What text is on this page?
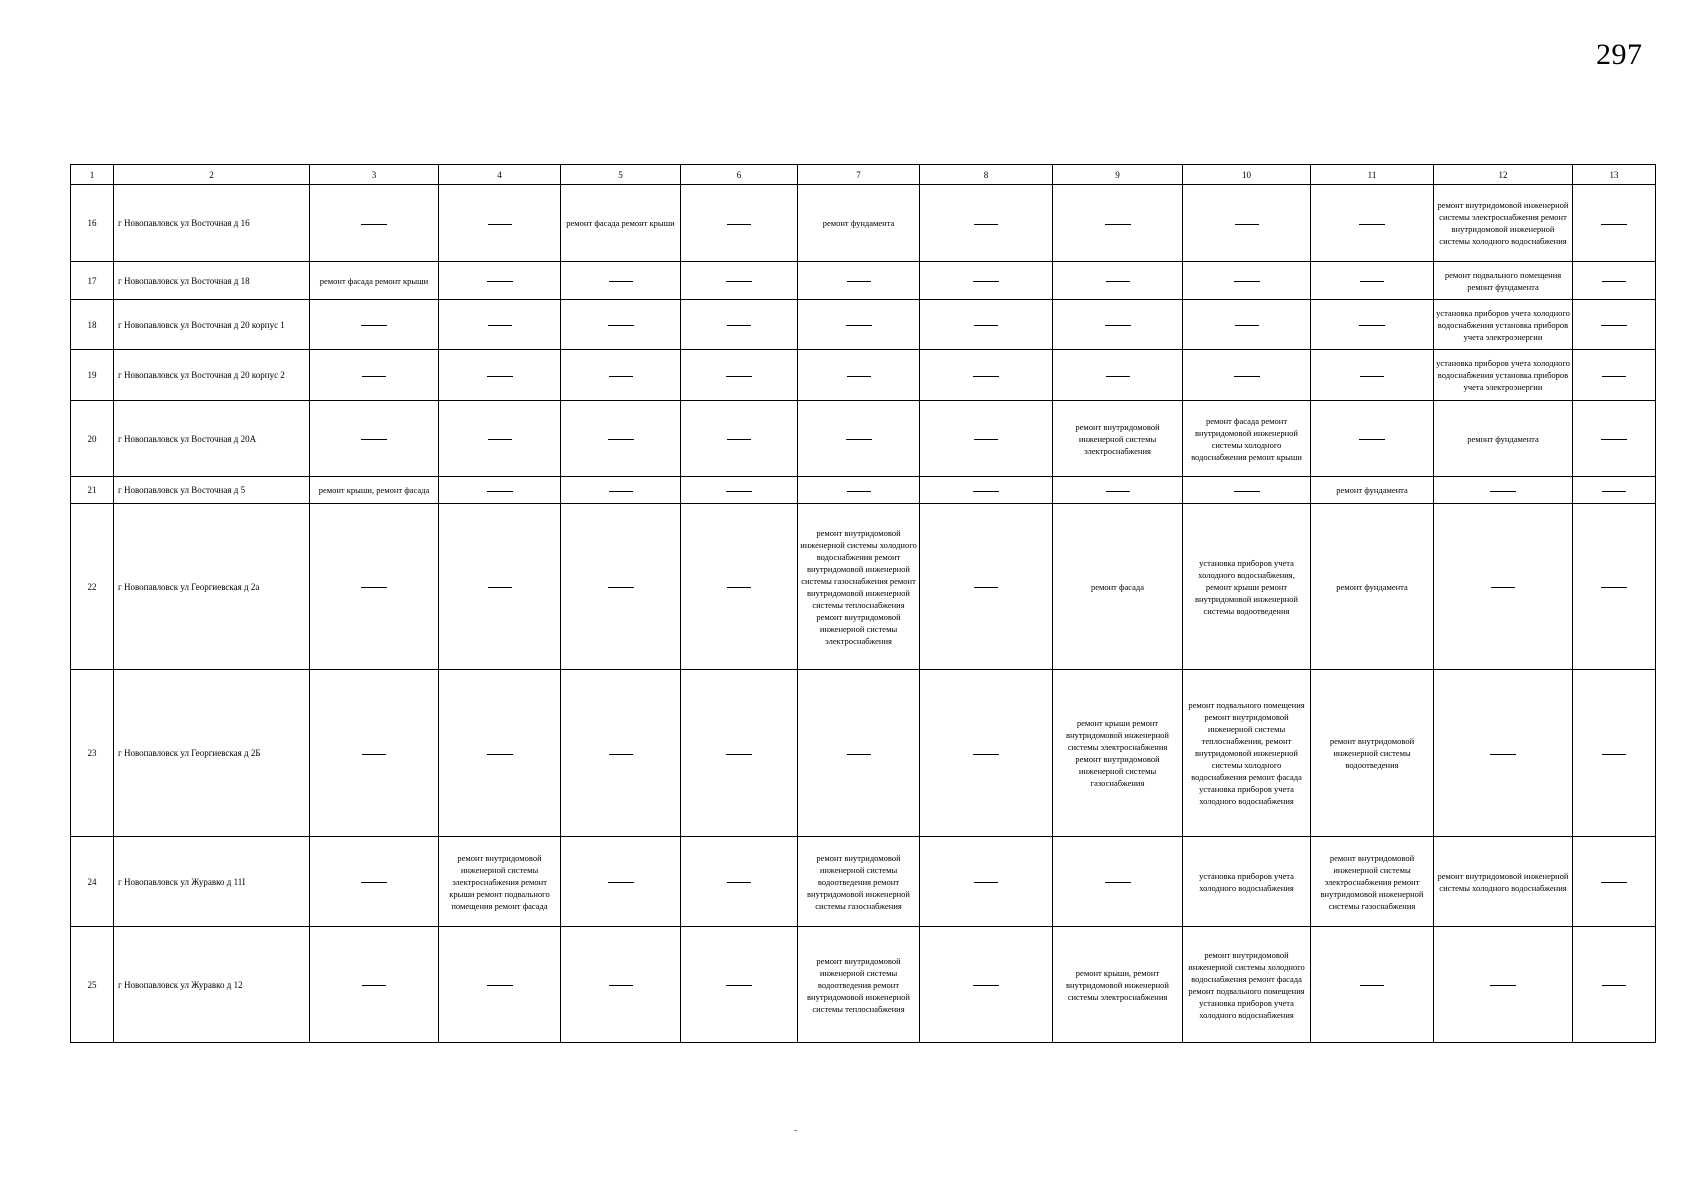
297
1	2	3	4	5	6	7	8	9	10	11	12	13
16	г Новопавловск ул Восточная д 16			ремонт фасада ремонт крыши		ремонт фундамента					ремонт внутридомовой инженерной системы электроснабжения ремонт внутридомовой инженерной системы холодного водоснабжения	
17	г Новопавловск ул Восточная д 18	ремонт фасада ремонт крыши									ремонт подвального помещения ремонт фундамента	
18	г Новопавловск ул Восточная д 20 корпус 1										установка приборов учета холодного водоснабжения установка приборов учета электроэнергии	
19	г Новопавловск ул Восточная д 20 корпус 2										установка приборов учета холодного водоснабжения установка приборов учета электроэнергии	
20	г Новопавловск ул Восточная д 20А							ремонт внутридомовой инженерной системы электроснабжения	ремонт фасада ремонт внутридомовой инженерной системы холодного водоснабжения ремонт крыши		ремонт фундамента	
21	г Новопавловск ул Восточная д 5	ремонт крыши, ремонт фасада								ремонт фундамента		
22	г Новопавловск ул Георгиевская д 2а					ремонт внутридомовой инженерной системы холодного водоснабжения ремонт внутридомовой инженерной системы газоснабжения ремонт внутридомовой инженерной системы теплоснабжения ремонт внутридомовой инженерной системы электроснабжения		ремонт фасада	установка приборов учета холодного водоснабжения, ремонт крыши ремонт внутридомовой инженерной системы водоотведения	ремонт фундамента		
23	г Новопавловск ул Георгиевская д 2Б							ремонт крыши ремонт внутридомовой инженерной системы электроснабжения ремонт внутридомовой инженерной системы газоснабжения	ремонт подвального помещения ремонт внутридомовой инженерной системы теплоснабжения, ремонт внутридомовой инженерной системы холодного водоснабжения ремонт фасада установка приборов учета холодного водоснабжения	ремонт внутридомовой инженерной системы водоотведения		
24	г Новопавловск ул Журавко д 11I		ремонт внутридомовой инженерной системы электроснабжения ремонт крыши ремонт подвального помещения ремонт фасада			ремонт внутридомовой инженерной системы водоотведения ремонт внутридомовой инженерной системы газоснабжения			установка приборов учета холодного водоснабжения	ремонт внутридомовой инженерной системы электроснабжения ремонт внутридомовой инженерной системы газоснабжения	ремонт внутридомовой инженерной системы холодного водоснабжения	
25	г Новопавловск ул Журавко д 12					ремонт внутридомовой инженерной системы водоотведения ремонт внутридомовой инженерной системы теплоснабжения		ремонт крыши, ремонт внутридомовой инженерной системы электроснабжения	ремонт внутридомовой инженерной системы холодного водоснабжения ремонт фасада ремонт подвального помещения установка приборов учета холодного водоснабжения			
ˉ
